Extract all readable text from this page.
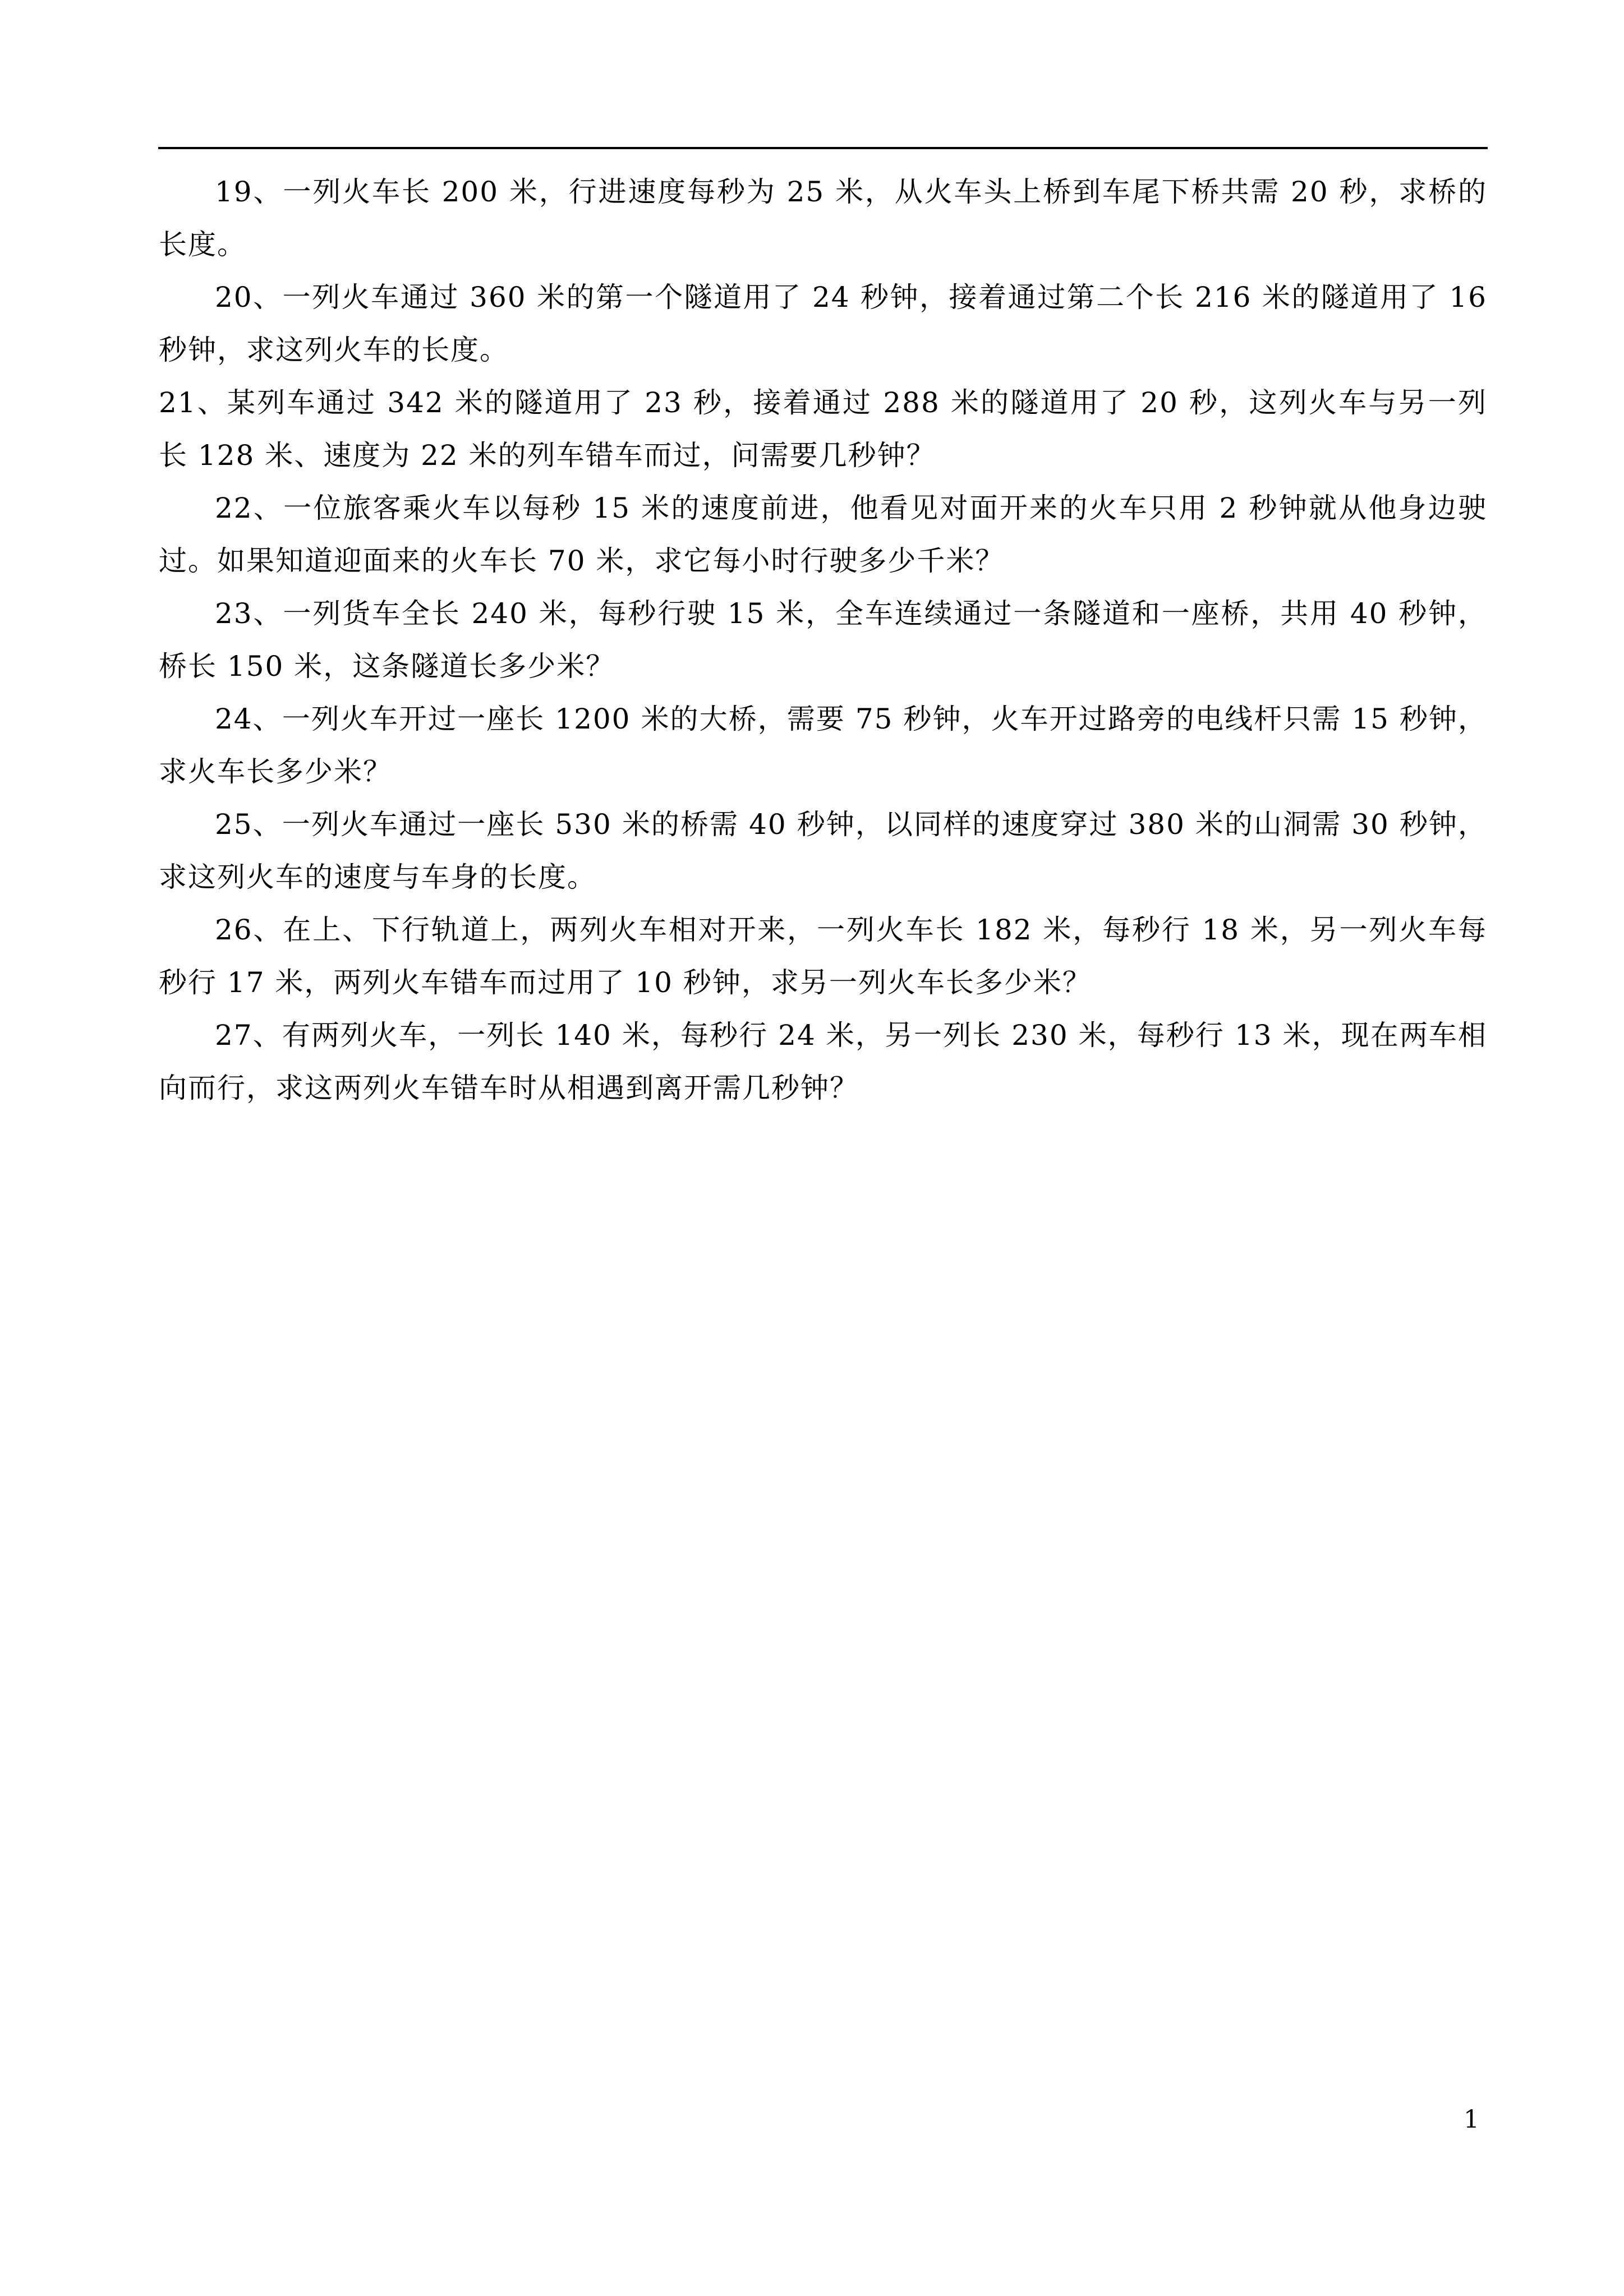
19、一列火车长 200 米，行进速度每秒为 25 米，从火车头上桥到车尾下桥共需 20 秒，求桥的长度。

20、一列火车通过 360 米的第一个隧道用了 24 秒钟，接着通过第二个长 216 米的隧道用了 16 秒钟，求这列火车的长度。

21、某列车通过 342 米的隧道用了 23 秒，接着通过 288 米的隧道用了 20 秒，这列火车与另一列长 128 米、速度为 22 米的列车错车而过，问需要几秒钟？

22、一位旅客乘火车以每秒 15 米的速度前进，他看见对面开来的火车只用 2 秒钟就从他身边驶过。如果知道迎面来的火车长 70 米，求它每小时行驶多少千米？

23、一列货车全长 240 米，每秒行驶 15 米，全车连续通过一条隧道和一座桥，共用 40 秒钟，桥长 150 米，这条隧道长多少米？

24、一列火车开过一座长 1200 米的大桥，需要 75 秒钟，火车开过路旁的电线杆只需 15 秒钟，求火车长多少米？

25、一列火车通过一座长 530 米的桥需 40 秒钟，以同样的速度穿过 380 米的山洞需 30 秒钟，求这列火车的速度与车身的长度。

26、在上、下行轨道上，两列火车相对开来，一列火车长 182 米，每秒行 18 米，另一列火车每秒行 17 米，两列火车错车而过用了 10 秒钟，求另一列火车长多少米？

27、有两列火车，一列长 140 米，每秒行 24 米，另一列长 230 米，每秒行 13 米，现在两车相向而行，求这两列火车错车时从相遇到离开需几秒钟？

1
